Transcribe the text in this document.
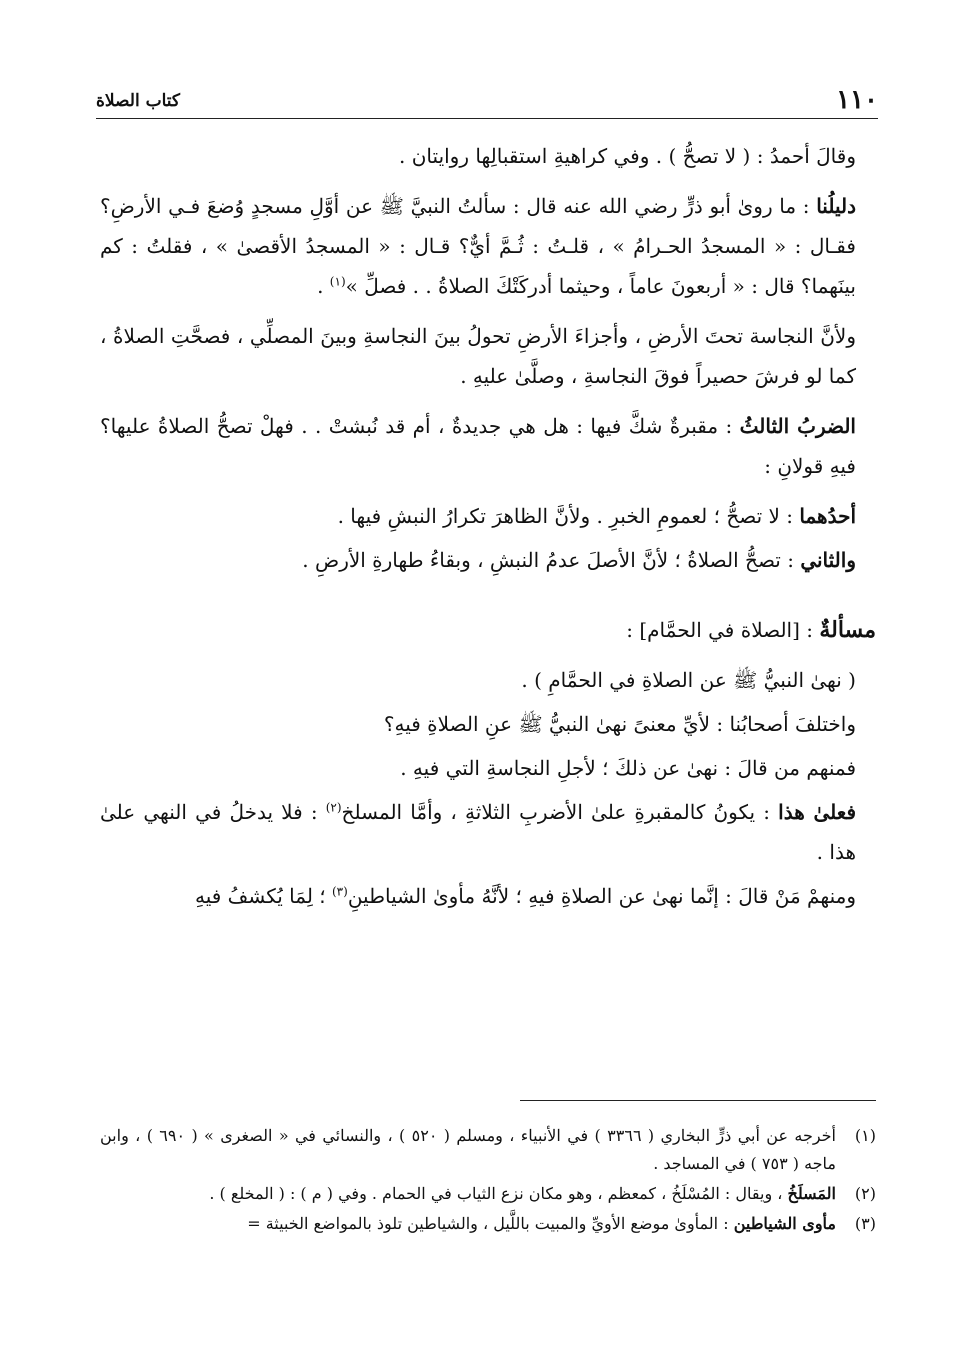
١١٠
كتاب الصلاة

وقالَ أحمدُ : ( لا تصحُّ ) . وفي كراهيةِ استقبالِها روايتان .

دليلُنا : ما روىٰ أبو ذرٍّ رضي الله عنه قال : سألتُ النبيَّ ﷺ عن أوَّلِ مسجدٍ وُضعَ فـي الأرضِ؟ فقـال : « المسجدُ الحـرامُ » ، قلـتُ : ثُـمَّ أيٌّ؟ قـال : « المسجدُ الأقصىٰ » ، فقلتُ : كم بينَهما؟ قال : « أربعونَ عاماً ، وحيثما أدركَتْكَ الصلاةُ . . فصلِّ »$^{(١)}$ .

ولأنَّ النجاسة تحتَ الأرضِ ، وأجزاءَ الأرضِ تحولُ بينَ النجاسةِ وبينَ المصلِّي ، فصحَّتِ الصلاةُ ، كما لو فرشَ حصيراً فوقَ النجاسةِ ، وصلَّىٰ عليهِ .

الضربُ الثالثُ : مقبرةٌ شكَّ فيها : هل هي جديدةٌ ، أم قد نُبشتْ . . فهلْ تصحُّ الصلاةُ عليها؟ فيهِ قولانِ :

أحدُهما : لا تصحُّ ؛ لعمومِ الخبرِ . ولأنَّ الظاهرَ تكرارُ النبشِ فيها .

والثاني : تصحُّ الصلاةُ ؛ لأنَّ الأصلَ عدمُ النبشِ ، وبقاءُ طهارةِ الأرضِ .

مسألةٌ : [الصلاة في الحمَّام] :

( نهىٰ النبيُّ ﷺ عن الصلاةِ في الحمَّامِ ) .

واختلفَ أصحابُنا : لأيِّ معنىً نهىٰ النبيُّ ﷺ عنِ الصلاةِ فيهِ؟

فمنهم من قالَ : نهىٰ عن ذلكَ ؛ لأجلِ النجاسةِ التي فيهِ .

فعلىٰ هذا : يكونُ كالمقبرةِ علىٰ الأضربِ الثلاثةِ ، وأمَّا المسلخ$^{(٢)}$ : فلا يدخلُ في النهي علىٰ هذا .

ومنهمْ مَنْ قالَ : إنَّما نهىٰ عن الصلاةِ فيهِ ؛ لأنَّهُ مأوىٰ الشياطينِ$^{(٣)}$ ؛ لِمَا يُكشفُ فيهِ

(١)
أخرجه عن أبي ذرٍّ البخاري ( ٣٣٦٦ ) في الأنبياء ، ومسلم ( ٥٢٠ ) ، والنسائي في « الصغرى » ( ٦٩٠ ) ، وابن ماجه ( ٧٥٣ ) في المساجد .
(٢)
المَسلَخُ ، ويقال : المُسْلَخُ ، كمعظم ، وهو مكان نزع الثياب في الحمام . وفي ( م ) : ( المخلع ) .
(٣)
مأوى الشياطين : المأوىٰ موضع الأويِّ والمبيت باللَّيل ، والشياطين تلوذ بالمواضع الخبيثة =
